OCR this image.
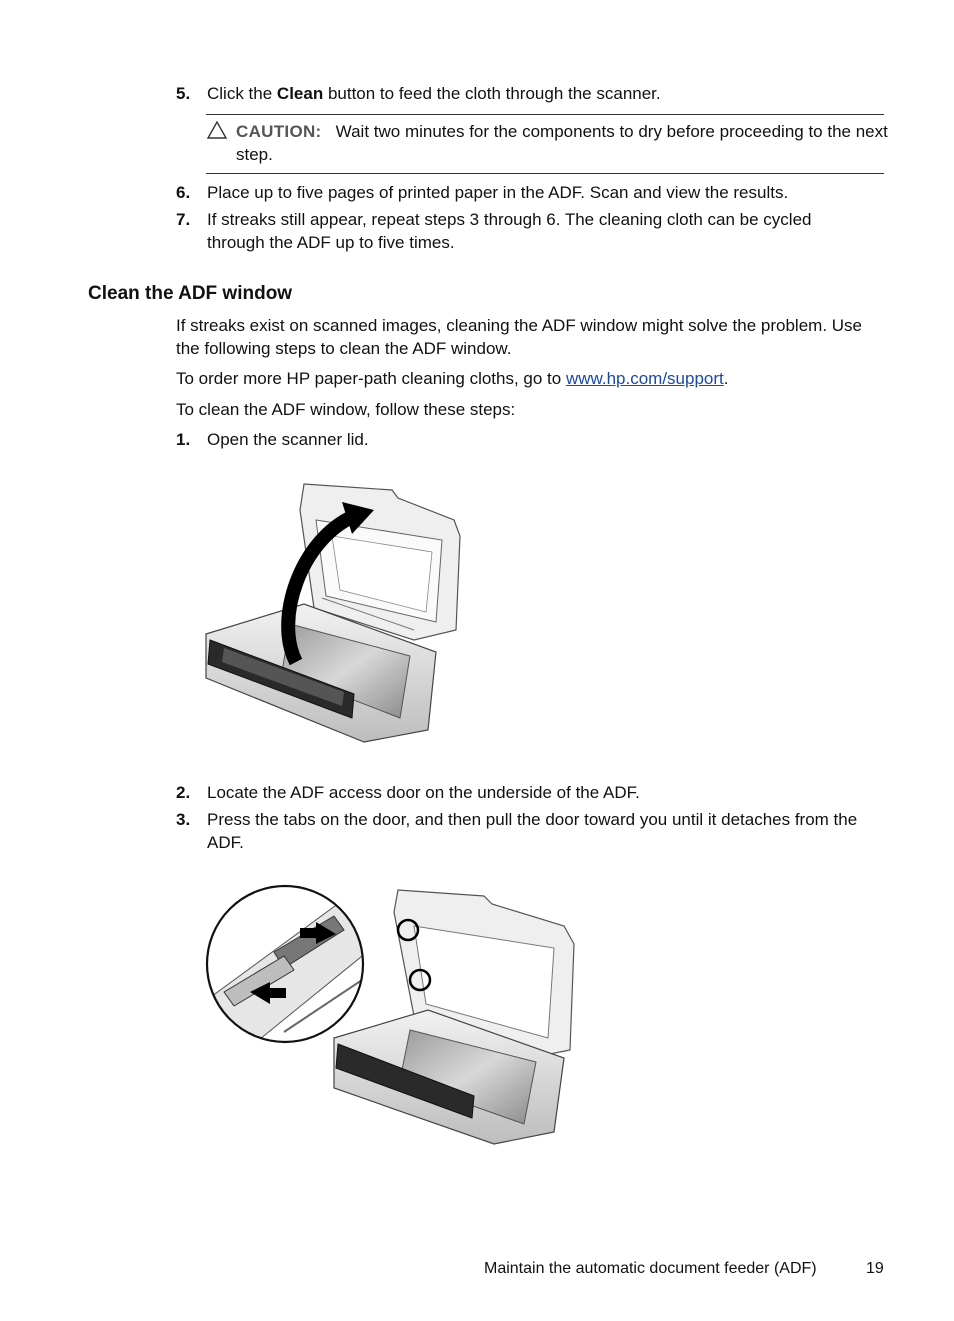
5. Click the Clean button to feed the cloth through the scanner.
CAUTION: Wait two minutes for the components to dry before proceeding to the next step.
6. Place up to five pages of printed paper in the ADF. Scan and view the results.
7. If streaks still appear, repeat steps 3 through 6. The cleaning cloth can be cycled through the ADF up to five times.
Clean the ADF window
If streaks exist on scanned images, cleaning the ADF window might solve the problem. Use the following steps to clean the ADF window.
To order more HP paper-path cleaning cloths, go to www.hp.com/support.
To clean the ADF window, follow these steps:
1. Open the scanner lid.
2. Locate the ADF access door on the underside of the ADF.
3. Press the tabs on the door, and then pull the door toward you until it detaches from the ADF.
Maintain the automatic document feeder (ADF)	19
